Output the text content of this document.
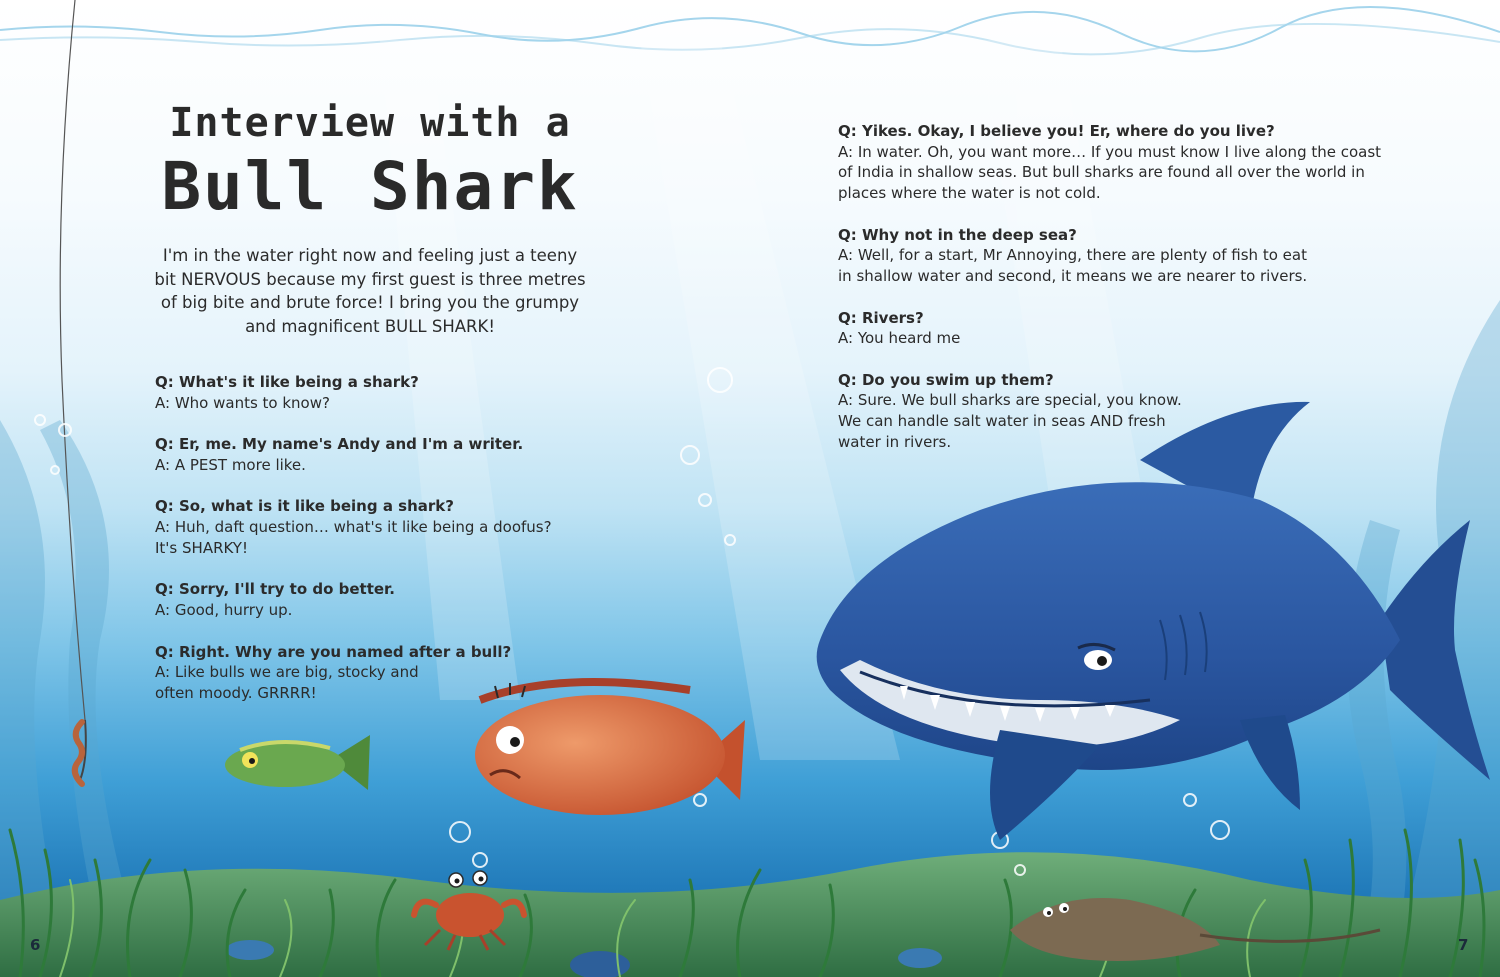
Interview with a
Bull Shark

I'm in the water right now and feeling just a teeny bit NERVOUS because my first guest is three metres of big bite and brute force! I bring you the grumpy and magnificent BULL SHARK!

Q: What's it like being a shark?
A: Who wants to know?
Q: Er, me. My name's Andy and I'm a writer.
A: A PEST more like.
Q: So, what is it like being a shark?
A: Huh, daft question… what's it like being a doofus?
It's SHARKY!
Q: Sorry, I'll try to do better.
A: Good, hurry up.
Q: Right. Why are you named after a bull?
A: Like bulls we are big, stocky and
often moody. GRRRR!
Q: Yikes. Okay, I believe you! Er, where do you live?
A: In water. Oh, you want more… If you must know I live along the coast
of India in shallow seas. But bull sharks are found all over the world in
places where the water is not cold.
Q: Why not in the deep sea?
A: Well, for a start, Mr Annoying, there are plenty of fish to eat
in shallow water and second, it means we are nearer to rivers.
Q: Rivers?
A: You heard me
Q: Do you swim up them?
A: Sure. We bull sharks are special, you know.
We can handle salt water in seas AND fresh
water in rivers.
6	7
